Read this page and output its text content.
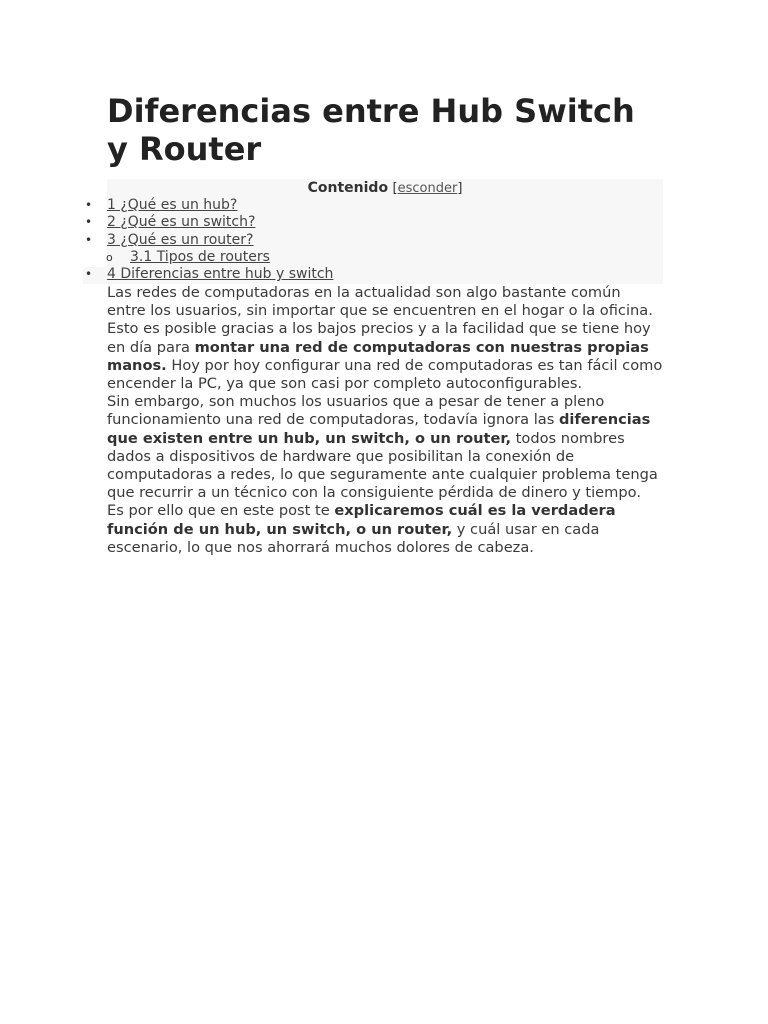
Diferencias entre Hub Switch y Router
Contenido [esconder]
• 1 ¿Qué es un hub?
• 2 ¿Qué es un switch?
• 3 ¿Qué es un router?
o 3.1 Tipos de routers
• 4 Diferencias entre hub y switch

Las redes de computadoras en la actualidad son algo bastante común entre los usuarios, sin importar que se encuentren en el hogar o la oficina. Esto es posible gracias a los bajos precios y a la facilidad que se tiene hoy en día para montar una red de computadoras con nuestras propias manos. Hoy por hoy configurar una red de computadoras es tan fácil como encender la PC, ya que son casi por completo autoconfigurables.

Sin embargo, son muchos los usuarios que a pesar de tener a pleno funcionamiento una red de computadoras, todavía ignora las diferencias que existen entre un hub, un switch, o un router, todos nombres dados a dispositivos de hardware que posibilitan la conexión de computadoras a redes, lo que seguramente ante cualquier problema tenga que recurrir a un técnico con la consiguiente pérdida de dinero y tiempo.

Es por ello que en este post te explicaremos cuál es la verdadera función de un hub, un switch, o un router, y cuál usar en cada escenario, lo que nos ahorrará muchos dolores de cabeza.
